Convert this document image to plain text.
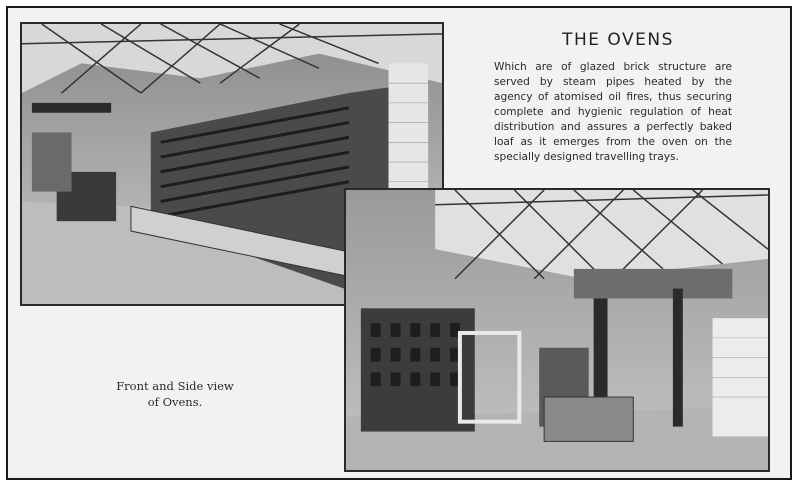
THE OVENS

Which are of glazed brick structure are served by steam pipes heated by the agency of atomised oil fires, thus securing complete and hygienic regulation of heat distribution and assures a perfectly baked loaf as it emerges from the oven on the specially designed travelling trays.

Front and Side view
of Ovens.
